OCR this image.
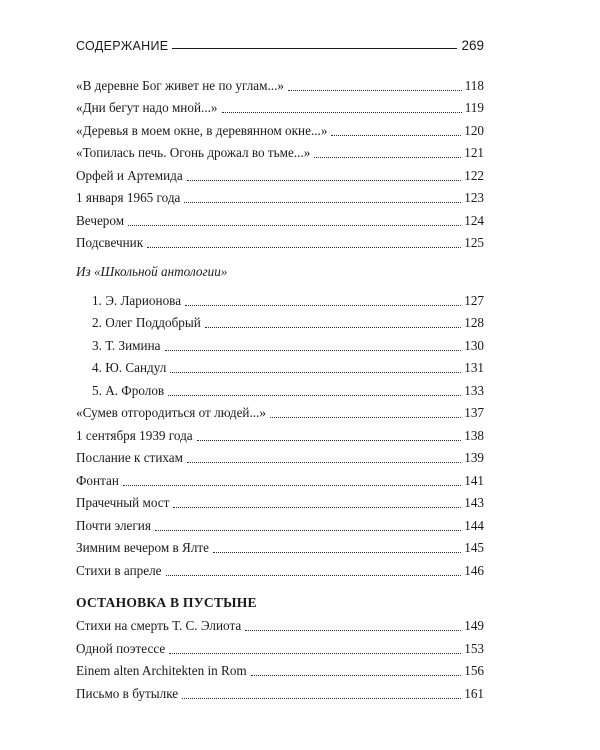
СОДЕРЖАНИЕ	269
«В деревне Бог живет не по углам...»	118
«Дни бегут надо мной...»	119
«Деревья в моем окне, в деревянном окне...»	120
«Топилась печь. Огонь дрожал во тьме...»	121
Орфей и Артемида	122
1 января 1965 года	123
Вечером	124
Подсвечник	125
Из «Школьной антологии»
1. Э. Ларионова	127
2. Олег Поддобрый	128
3. Т. Зимина	130
4. Ю. Сандул	131
5. А. Фролов	133
«Сумев отгородиться от людей...»	137
1 сентября 1939 года	138
Послание к стихам	139
Фонтан	141
Прачечный мост	143
Почти элегия	144
Зимним вечером в Ялте	145
Стихи в апреле	146
ОСТАНОВКА В ПУСТЫНЕ
Стихи на смерть Т. С. Элиота	149
Одной поэтессе	153
Einem alten Architekten in Rom	156
Письмо в бутылке	161
